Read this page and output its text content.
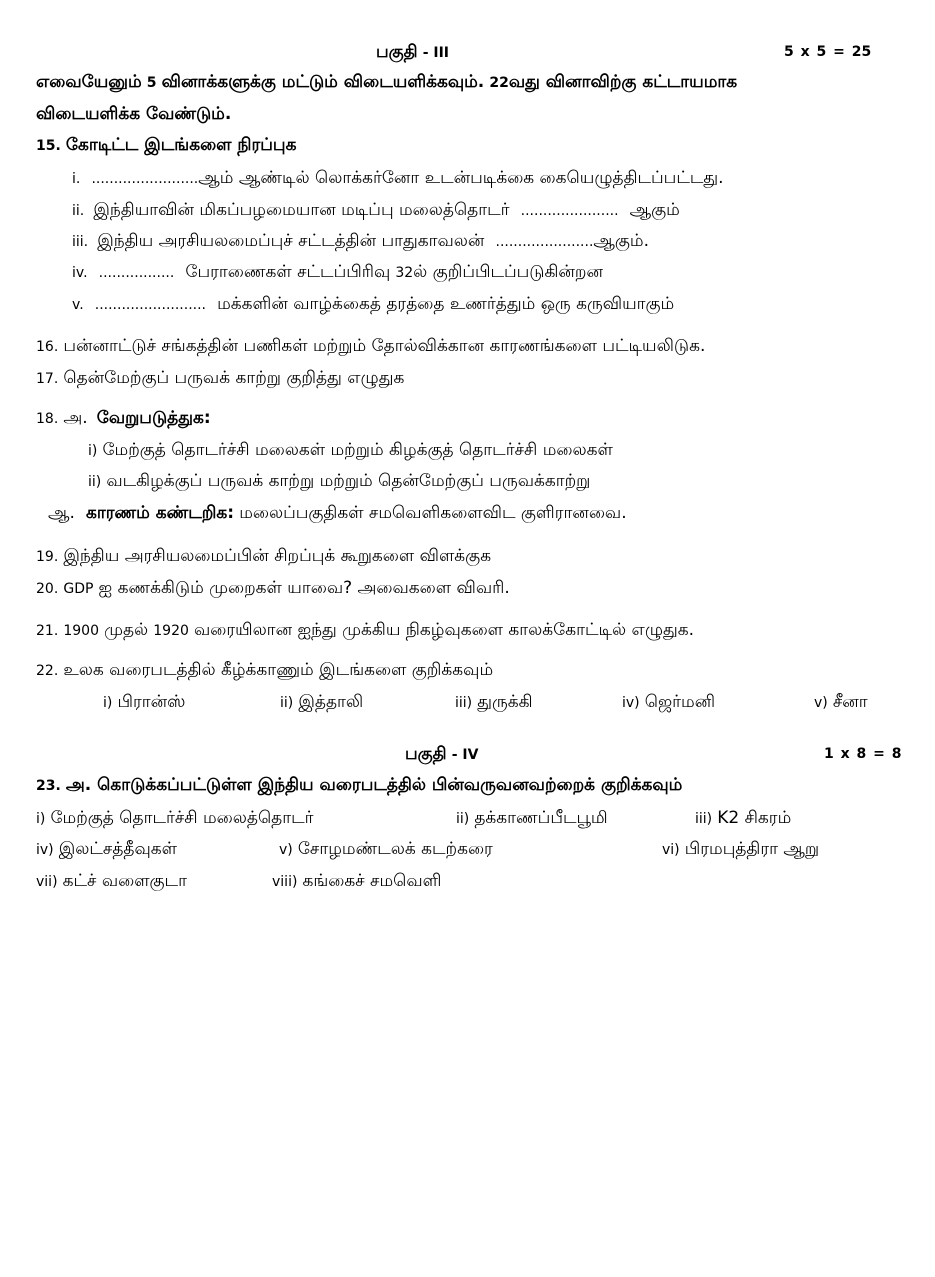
பகுதி - III	5 x 5 = 25
எவையேனும் 5 வினாக்களுக்கு மட்டும் விடையளிக்கவும். 22வது வினாவிற்கு கட்டாயமாக
விடையளிக்க வேண்டும்.
15. கோடிட்ட இடங்களை நிரப்புக
i. ........................ஆம் ஆண்டில் லொக்கர்னோ உடன்படிக்கை கையெழுத்திடப்பட்டது.
ii. இந்தியாவின் மிகப்பழமையான மடிப்பு மலைத்தொடர் ...................... ஆகும்
iii. இந்திய அரசியலமைப்புச் சட்டத்தின் பாதுகாவலன் ......................ஆகும்.
iv. ................. பேராணைகள் சட்டப்பிரிவு 32ல் குறிப்பிடப்படுகின்றன
v. ......................... மக்களின் வாழ்க்கைத் தரத்தை உணர்த்தும் ஒரு கருவியாகும்
16. பன்னாட்டுச் சங்கத்தின் பணிகள் மற்றும் தோல்விக்கான காரணங்களை பட்டியலிடுக.
17. தென்மேற்குப் பருவக் காற்று குறித்து எழுதுக
18. அ. வேறுபடுத்துக:
i) மேற்குத் தொடர்ச்சி மலைகள் மற்றும் கிழக்குத் தொடர்ச்சி மலைகள்
ii) வடகிழக்குப் பருவக் காற்று மற்றும் தென்மேற்குப் பருவக்காற்று
ஆ. காரணம் கண்டறிக: மலைப்பகுதிகள் சமவெளிகளைவிட குளிரானவை.
19. இந்திய அரசியலமைப்பின் சிறப்புக் கூறுகளை விளக்குக
20. GDP ஐ கணக்கிடும் முறைகள் யாவை? அவைகளை விவரி.
21. 1900 முதல் 1920 வரையிலான ஐந்து முக்கிய நிகழ்வுகளை காலக்கோட்டில் எழுதுக.
22. உலக வரைபடத்தில் கீழ்க்காணும் இடங்களை குறிக்கவும்
i) பிரான்ஸ்	ii) இத்தாலி	iii) துருக்கி	iv) ஜெர்மனி	v) சீனா
பகுதி - IV	1 x 8 = 8
23. அ. கொடுக்கப்பட்டுள்ள இந்திய வரைபடத்தில் பின்வருவனவற்றைக் குறிக்கவும்
i) மேற்குத் தொடர்ச்சி மலைத்தொடர்	ii) தக்காணப்பீடபூமி	iii) K2 சிகரம்
iv) இலட்சத்தீவுகள்	v) சோழமண்டலக் கடற்கரை	vi) பிரமபுத்திரா ஆறு
vii) கட்ச் வளைகுடா	viii) கங்கைச் சமவெளி
